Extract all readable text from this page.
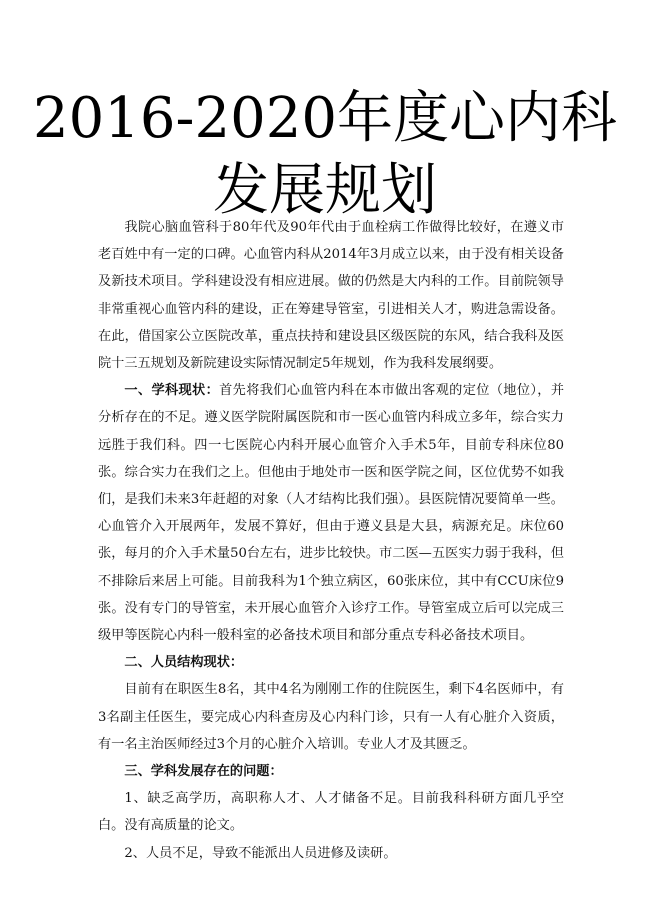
2016-2020年度心内科
发展规划

我院心脑血管科于80年代及90年代由于血栓病工作做得比较好，在遵义市老百姓中有一定的口碑。心血管内科从2014年3月成立以来，由于没有相关设备及新技术项目。学科建设没有相应进展。做的仍然是大内科的工作。目前院领导非常重视心血管内科的建设，正在筹建导管室，引进相关人才，购进急需设备。在此，借国家公立医院改革，重点扶持和建设县区级医院的东风，结合我科及医院十三五规划及新院建设实际情况制定5年规划，作为我科发展纲要。

一、学科现状：首先将我们心血管内科在本市做出客观的定位（地位），并分析存在的不足。遵义医学院附属医院和市一医心血管内科成立多年，综合实力远胜于我们科。四一七医院心内科开展心血管介入手术5年，目前专科床位80张。综合实力在我们之上。但他由于地处市一医和医学院之间，区位优势不如我们，是我们未来3年赶超的对象（人才结构比我们强）。县医院情况要简单一些。心血管介入开展两年，发展不算好，但由于遵义县是大县，病源充足。床位60张，每月的介入手术量50台左右，进步比较快。市二医—五医实力弱于我科，但不排除后来居上可能。目前我科为1个独立病区，60张床位，其中有CCU床位9张。没有专门的导管室，未开展心血管介入诊疗工作。导管室成立后可以完成三级甲等医院心内科一般科室的必备技术项目和部分重点专科必备技术项目。

二、人员结构现状：

目前有在职医生8名，其中4名为刚刚工作的住院医生，剩下4名医师中，有3名副主任医生，要完成心内科查房及心内科门诊，只有一人有心脏介入资质，有一名主治医师经过3个月的心脏介入培训。专业人才及其匮乏。

三、学科发展存在的问题：

1、缺乏高学历，高职称人才、人才储备不足。目前我科科研方面几乎空白。没有高质量的论文。

2、人员不足，导致不能派出人员进修及读研。
